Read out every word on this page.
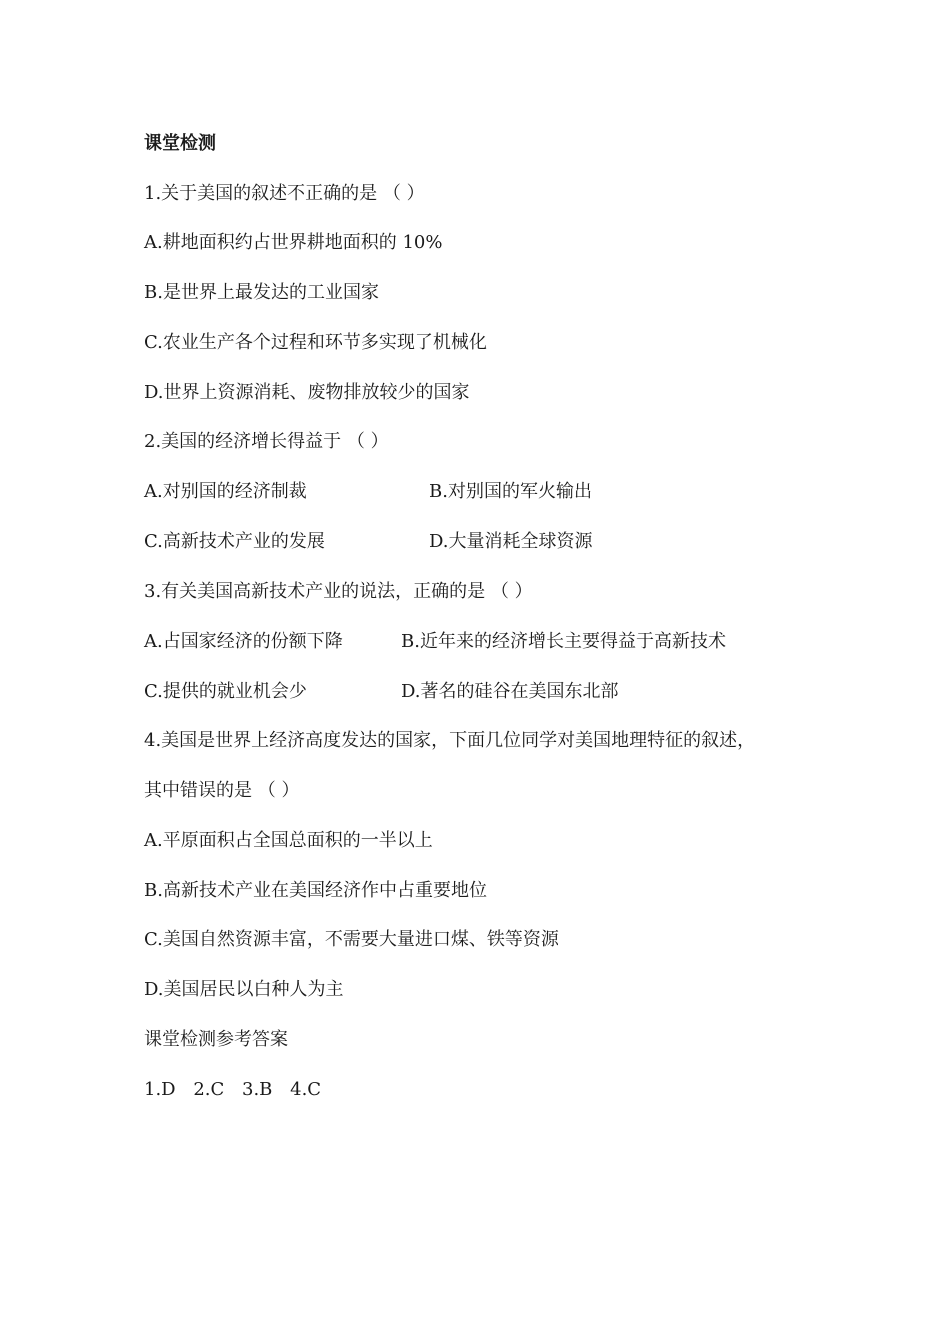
课堂检测
1.关于美国的叙述不正确的是 （ ）
A.耕地面积约占世界耕地面积的 10%
B.是世界上最发达的工业国家
C.农业生产各个过程和环节多实现了机械化
D.世界上资源消耗、废物排放较少的国家
2.美国的经济增长得益于 （ ）
A.对别国的经济制裁	B.对别国的军火输出
C.高新技术产业的发展	D.大量消耗全球资源
3.有关美国高新技术产业的说法，正确的是 （ ）
A.占国家经济的份额下降	B.近年来的经济增长主要得益于高新技术
C.提供的就业机会少	D.著名的硅谷在美国东北部
4.美国是世界上经济高度发达的国家，下面几位同学对美国地理特征的叙述，
其中错误的是 （ ）
A.平原面积占全国总面积的一半以上
B.高新技术产业在美国经济作中占重要地位
C.美国自然资源丰富，不需要大量进口煤、铁等资源
D.美国居民以白种人为主
课堂检测参考答案
1.D 2.C 3.B 4.C
